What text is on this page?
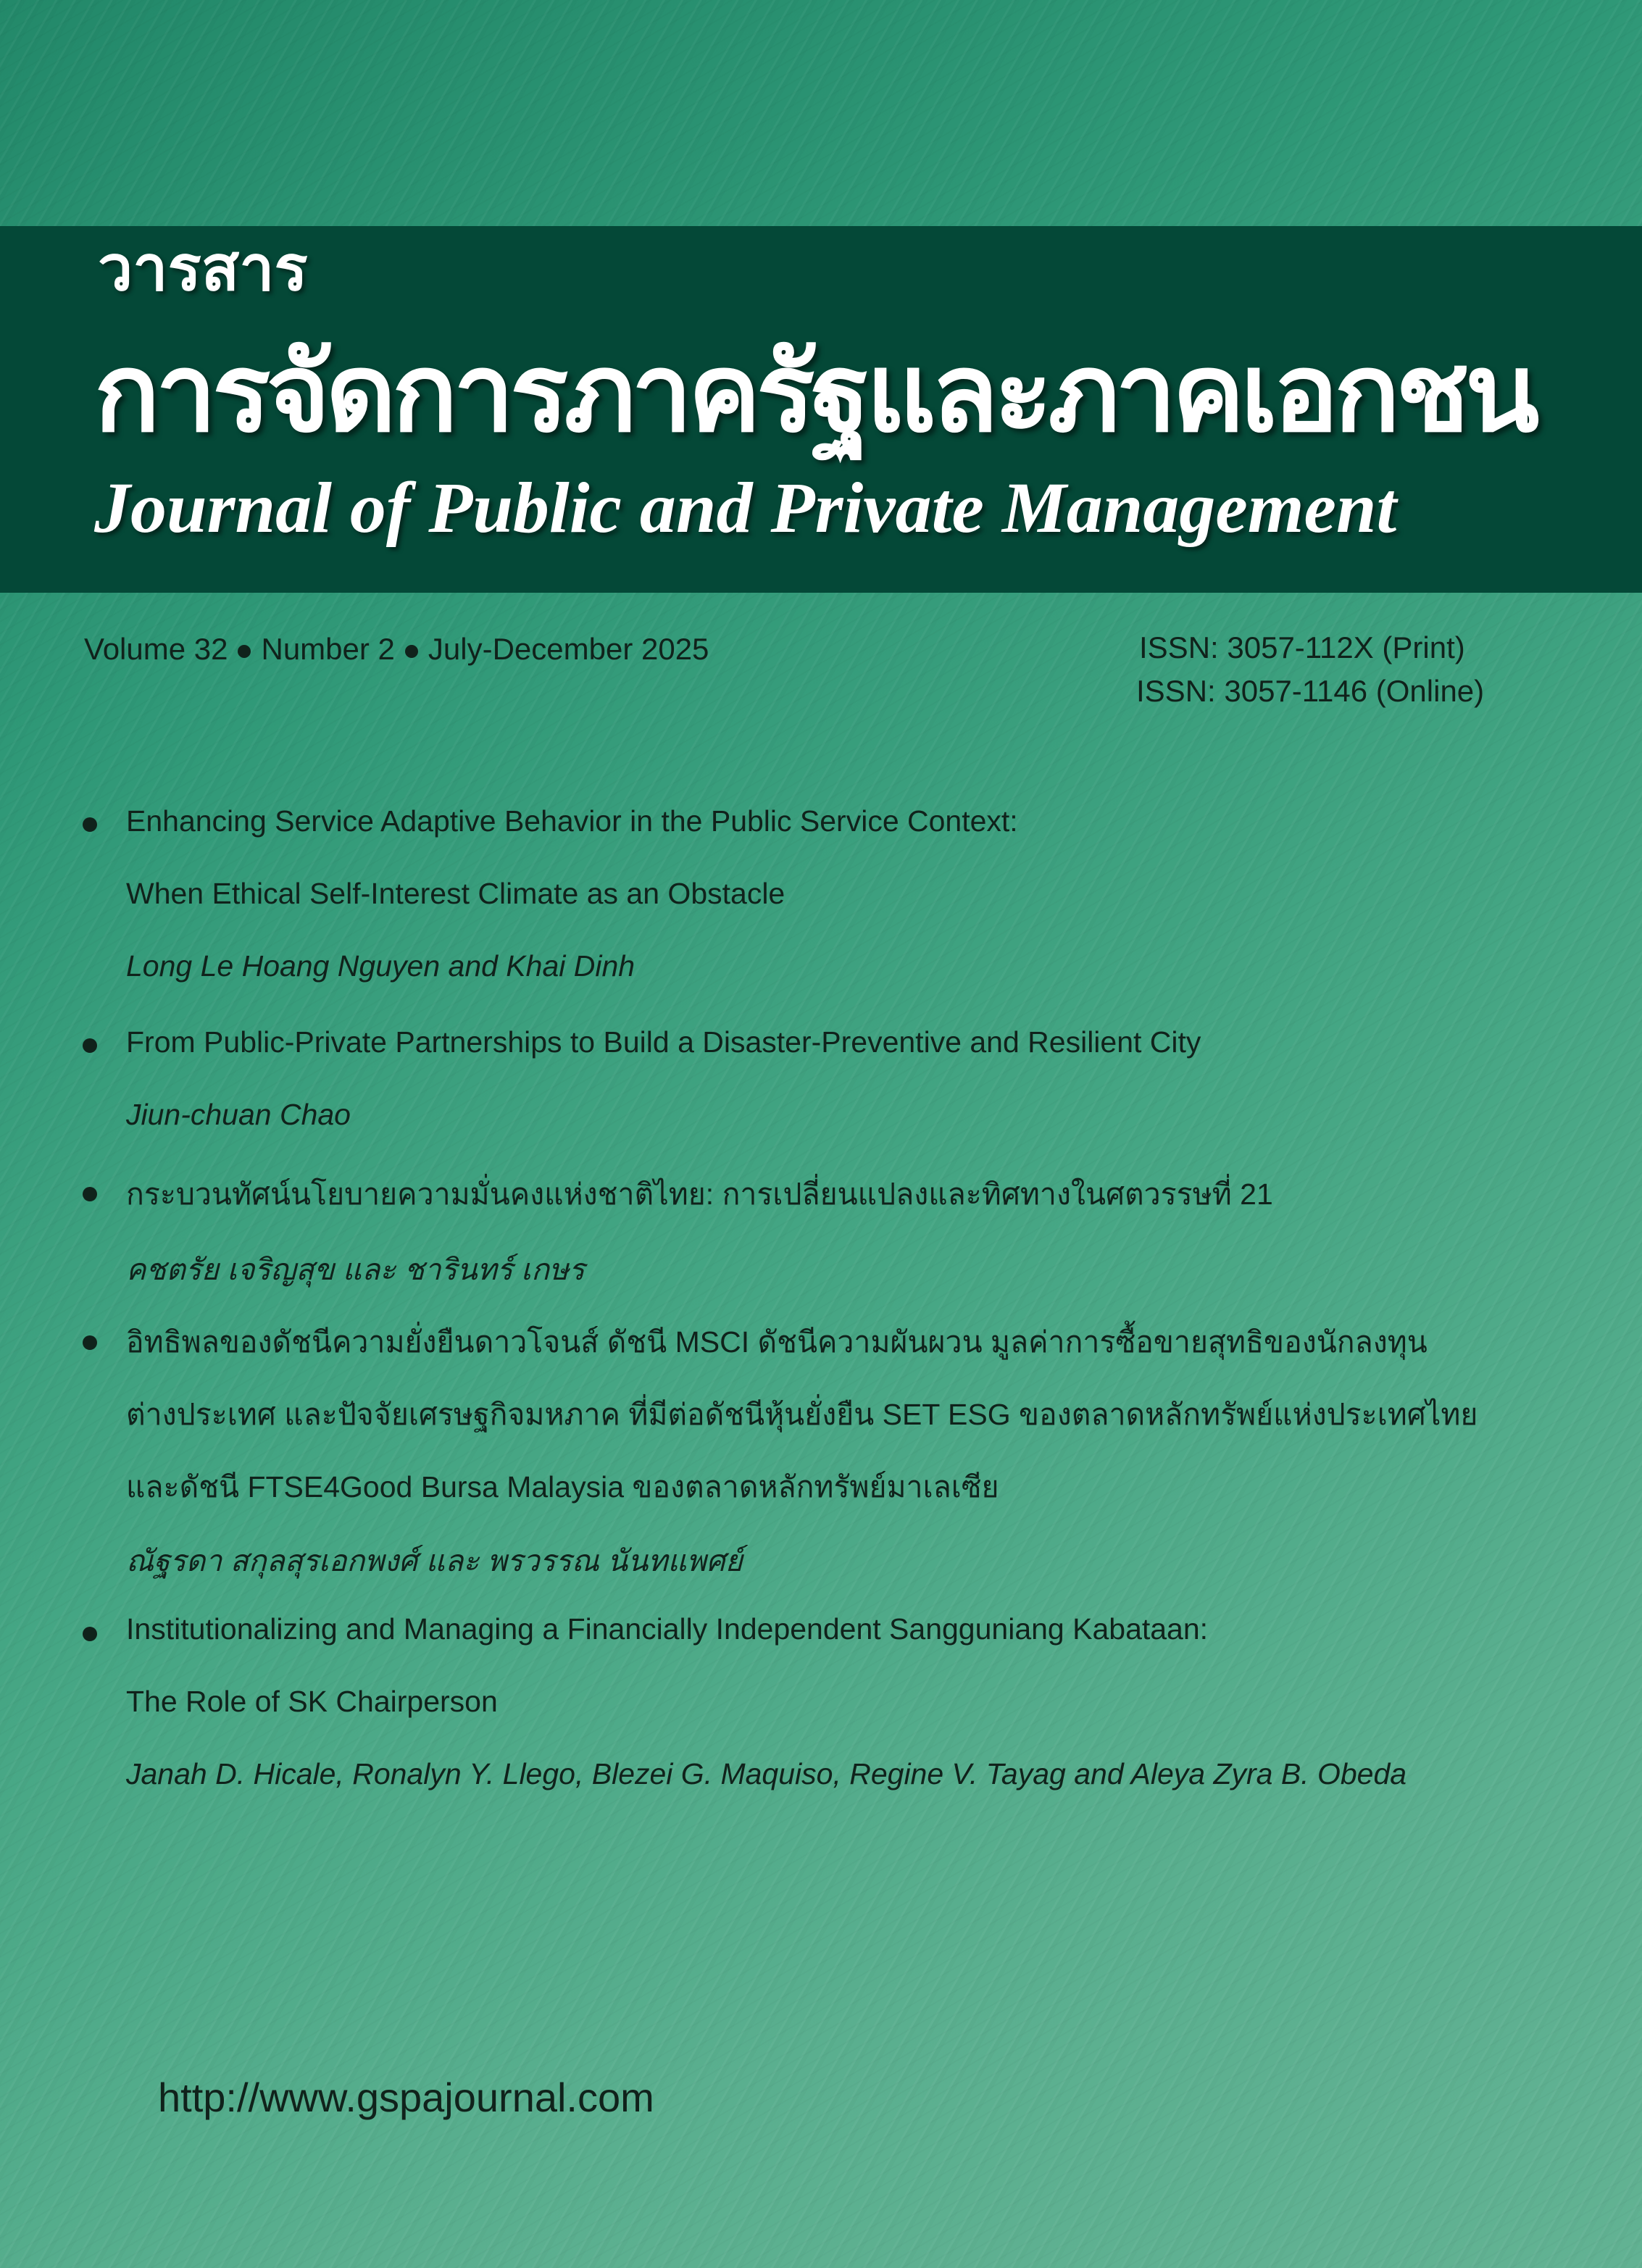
วารสาร
การจัดการภาครัฐและภาคเอกชน
Journal of Public and Private Management
Volume 32 Number 2 July-December 2025	ISSN: 3057-112X (Print)
ISSN: 3057-1146 (Online)
Enhancing Service Adaptive Behavior in the Public Service Context:
When Ethical Self-Interest Climate as an Obstacle
Long Le Hoang Nguyen and Khai Dinh
From Public-Private Partnerships to Build a Disaster-Preventive and Resilient City
Jiun-chuan Chao
กระบวนทัศน์นโยบายความมั่นคงแห่งชาติไทย: การเปลี่ยนแปลงและทิศทางในศตวรรษที่ 21
คชตรัย เจริญสุข และ ชารินทร์ เกษร
อิทธิพลของดัชนีความยั่งยืนดาวโจนส์ ดัชนี MSCI ดัชนีความผันผวน มูลค่าการซื้อขายสุทธิของนักลงทุน
ต่างประเทศ และปัจจัยเศรษฐกิจมหภาค ที่มีต่อดัชนีหุ้นยั่งยืน SET ESG ของตลาดหลักทรัพย์แห่งประเทศไทย
และดัชนี FTSE4Good Bursa Malaysia ของตลาดหลักทรัพย์มาเลเซีย
ณัฐรดา สกุลสุรเอกพงศ์ และ พรวรรณ นันทแพศย์
Institutionalizing and Managing a Financially Independent Sangguniang Kabataan:
The Role of SK Chairperson
Janah D. Hicale, Ronalyn Y. Llego, Blezei G. Maquiso, Regine V. Tayag and Aleya Zyra B. Obeda
http://www.gspajournal.com
